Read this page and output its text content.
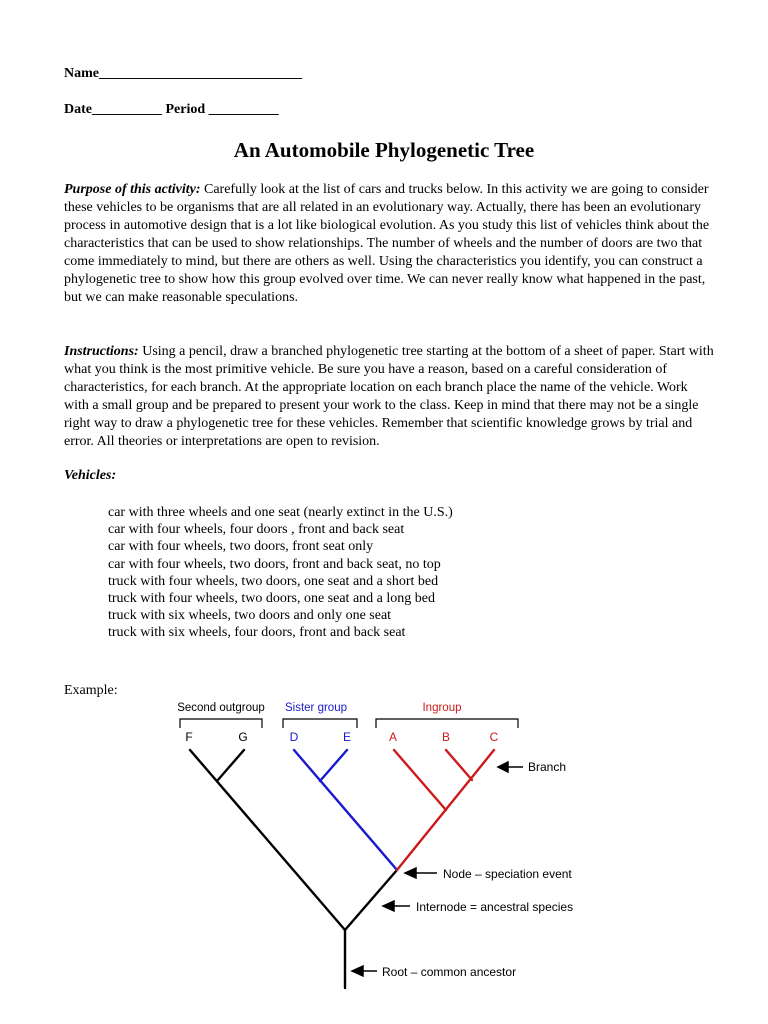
Name_____________________________
Date__________ Period __________
An Automobile Phylogenetic Tree
Purpose of this activity: Carefully look at the list of cars and trucks below. In this activity we are going to consider these vehicles to be organisms that are all related in an evolutionary way. Actually, there has been an evolutionary process in automotive design that is a lot like biological evolution. As you study this list of vehicles think about the characteristics that can be used to show relationships. The number of wheels and the number of doors are two that come immediately to mind, but there are others as well. Using the characteristics you identify, you can construct a phylogenetic tree to show how this group evolved over time. We can never really know what happened in the past, but we can make reasonable speculations.
Instructions: Using a pencil, draw a branched phylogenetic tree starting at the bottom of a sheet of paper. Start with what you think is the most primitive vehicle. Be sure you have a reason, based on a careful consideration of characteristics, for each branch. At the appropriate location on each branch place the name of the vehicle. Work with a small group and be prepared to present your work to the class. Keep in mind that there may not be a single right way to draw a phylogenetic tree for these vehicles. Remember that scientific knowledge grows by trial and error. All theories or interpretations are open to revision.
Vehicles:
car with three wheels and one seat (nearly extinct in the U.S.)
car with four wheels, four doors , front and back seat
car with four wheels, two doors, front seat only
car with four wheels, two doors, front and back seat, no top
truck with four wheels, two doors, one seat and a short bed
truck with four wheels, two doors, one seat and a long bed
truck with six wheels, two doors and only one seat
truck with six wheels, four doors, front and back seat
Example:
Second outgroup Sister group	Ingroup
F	G	D	E	A	B	C
Branch
Node – speciation event
Internode = ancestral species
Root – common ancestor
